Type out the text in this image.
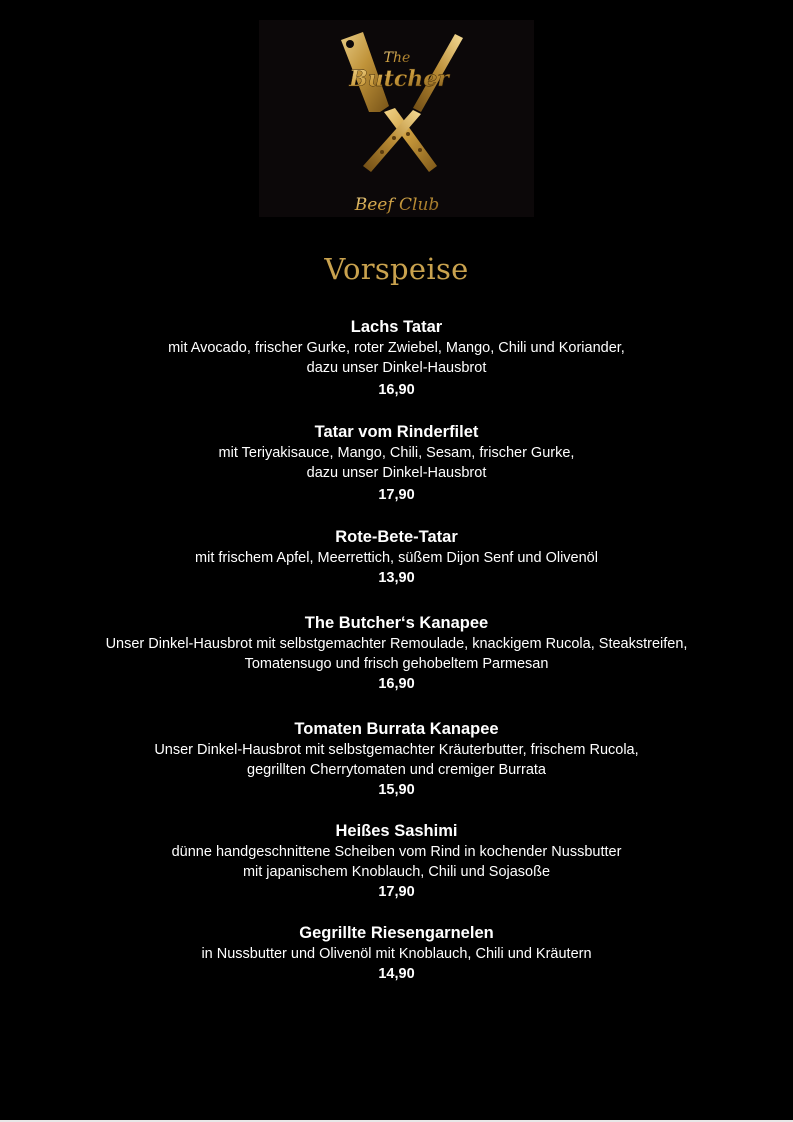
The
Butcher
Beef Club
Vorspeise
Lachs Tatar
mit Avocado, frischer Gurke, roter Zwiebel, Mango, Chili und Koriander,
dazu unser Dinkel-Hausbrot
16,90
Tatar vom Rinderfilet
mit Teriyakisauce, Mango, Chili, Sesam, frischer Gurke,
dazu unser Dinkel-Hausbrot
17,90
Rote-Bete-Tatar
mit frischem Apfel, Meerrettich, süßem Dijon Senf und Olivenöl
13,90
The Butcher‘s Kanapee
Unser Dinkel-Hausbrot mit selbstgemachter Remoulade, knackigem Rucola, Steakstreifen,
Tomatensugo und frisch gehobeltem Parmesan
16,90
Tomaten Burrata Kanapee
Unser Dinkel-Hausbrot mit selbstgemachter Kräuterbutter, frischem Rucola,
gegrillten Cherrytomaten und cremiger Burrata
15,90
Heißes Sashimi
dünne handgeschnittene Scheiben vom Rind in kochender Nussbutter
mit japanischem Knoblauch, Chili und Sojasoße
17,90
Gegrillte Riesengarnelen
in Nussbutter und Olivenöl mit Knoblauch, Chili und Kräutern
14,90
